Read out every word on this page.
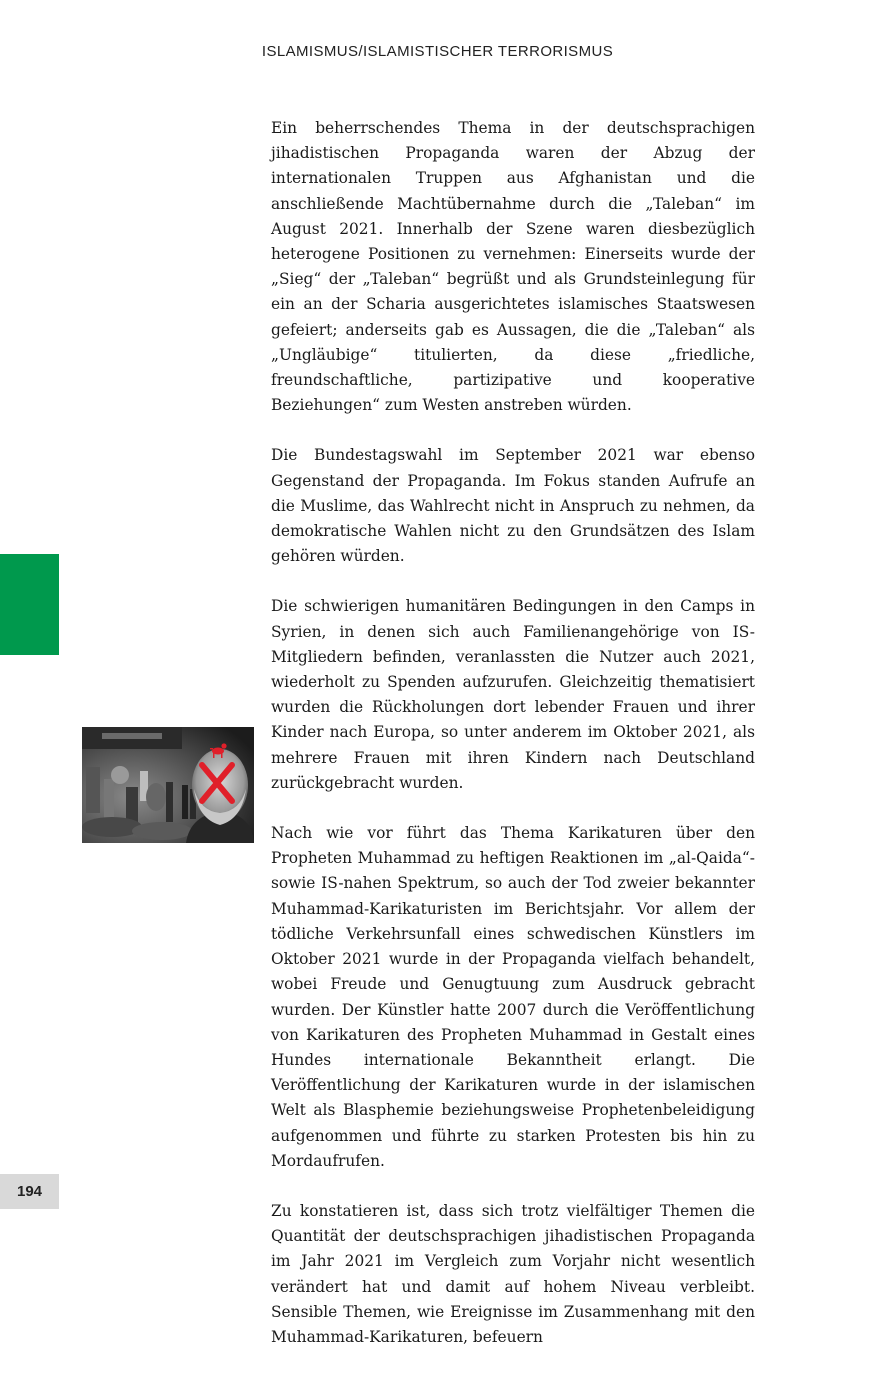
ISLAMISMUS/ISLAMISTISCHER TERRORISMUS

Ein beherrschendes Thema in der deutschsprachigen jihadistischen Propaganda waren der Abzug der internationalen Truppen aus Afghanistan und die anschließende Machtübernahme durch die „Taleban“ im August 2021. Innerhalb der Szene waren diesbezüglich heterogene Positionen zu vernehmen: Einerseits wurde der „Sieg“ der „Taleban“ begrüßt und als Grundsteinlegung für ein an der Scharia ausgerichtetes islamisches Staatswesen gefeiert; anderseits gab es Aussagen, die die „Taleban“ als „Ungläubige“ titulierten, da diese „friedliche, freundschaftliche, partizipative und kooperative Beziehungen“ zum Westen anstreben würden.

Die Bundestagswahl im September 2021 war ebenso Gegenstand der Propaganda. Im Fokus standen Aufrufe an die Muslime, das Wahlrecht nicht in Anspruch zu nehmen, da demokratische Wahlen nicht zu den Grundsätzen des Islam gehören würden.

Die schwierigen humanitären Bedingungen in den Camps in Syrien, in denen sich auch Familienangehörige von IS-Mitgliedern befinden, veranlassten die Nutzer auch 2021, wiederholt zu Spenden aufzurufen. Gleichzeitig thematisiert wurden die Rückholungen dort lebender Frauen und ihrer Kinder nach Europa, so unter anderem im Oktober 2021, als mehrere Frauen mit ihren Kindern nach Deutschland zurückgebracht wurden.

Nach wie vor führt das Thema Karikaturen über den Propheten Muhammad zu heftigen Reaktionen im „al-Qaida“- sowie IS-nahen Spektrum, so auch der Tod zweier bekannter Muhammad-Karikaturisten im Berichtsjahr. Vor allem der tödliche Verkehrsunfall eines schwedischen Künstlers im Oktober 2021 wurde in der Propaganda vielfach behandelt, wobei Freude und Genugtuung zum Ausdruck gebracht wurden. Der Künstler hatte 2007 durch die Veröffentlichung von Karikaturen des Propheten Muhammad in Gestalt eines Hundes internationale Bekanntheit erlangt. Die Veröffentlichung der Karikaturen wurde in der islamischen Welt als Blasphemie beziehungsweise Prophetenbeleidigung aufgenommen und führte zu starken Protesten bis hin zu Mordaufrufen.

Zu konstatieren ist, dass sich trotz vielfältiger Themen die Quantität der deutschsprachigen jihadistischen Propaganda im Jahr 2021 im Vergleich zum Vorjahr nicht wesentlich verändert hat und damit auf hohem Niveau verbleibt. Sensible Themen, wie Ereignisse im Zusammenhang mit den Muhammad-Karikaturen, befeuern

194
